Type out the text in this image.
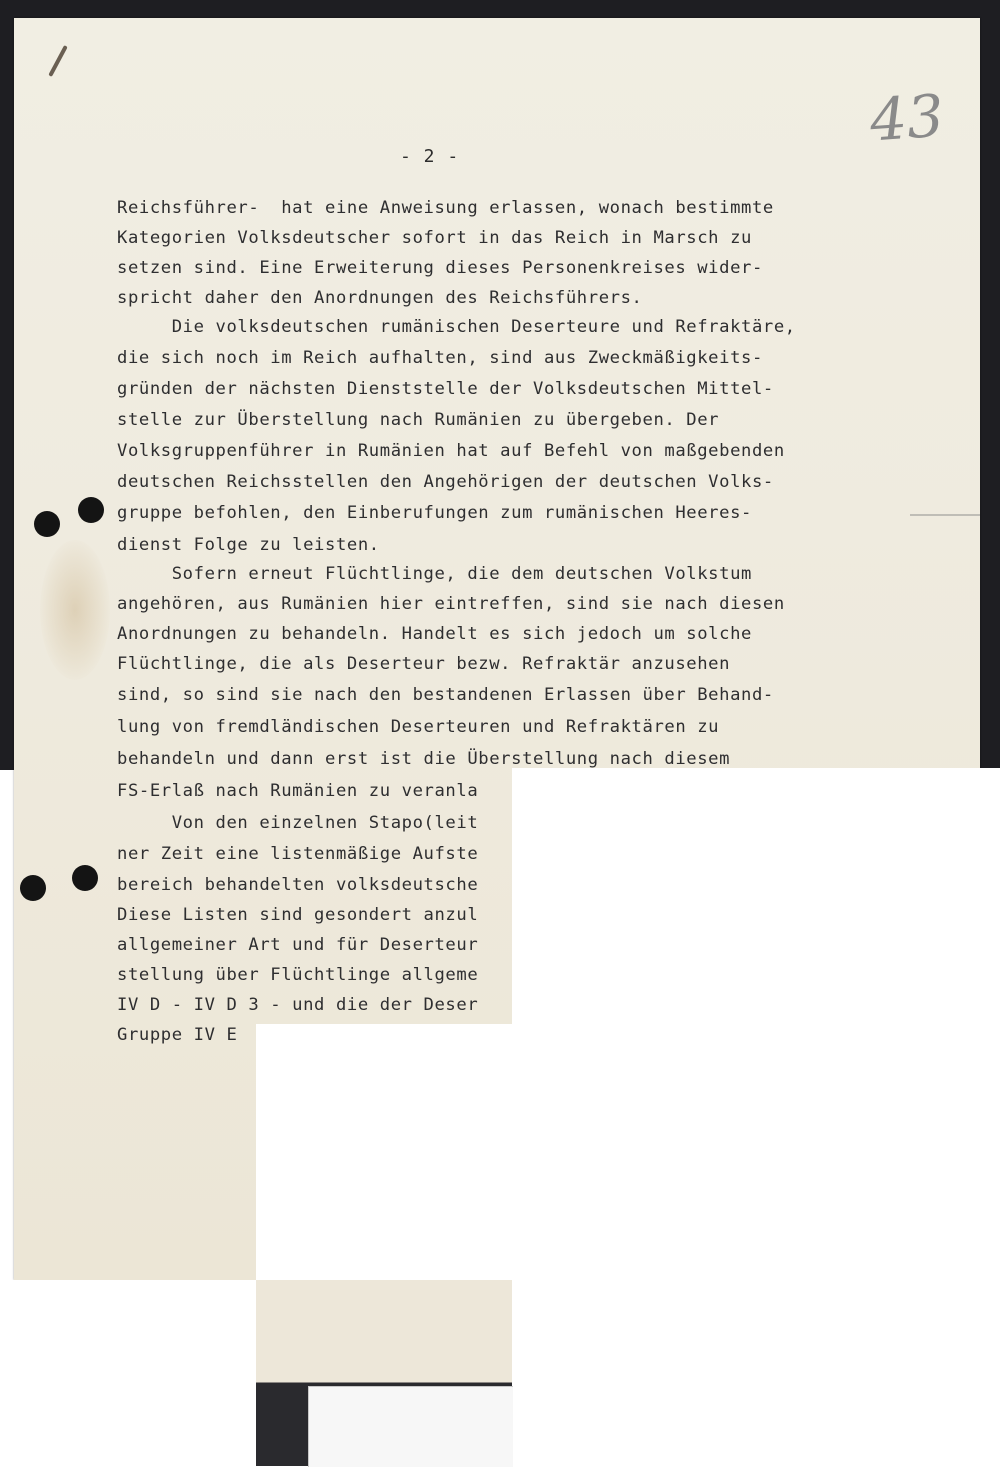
43
- 2 -
Reichsführer-  hat eine Anweisung erlassen, wonach bestimmte
Kategorien Volksdeutscher sofort in das Reich in Marsch zu
setzen sind. Eine Erweiterung dieses Personenkreises wider-
spricht daher den Anordnungen des Reichsführers.
Die volksdeutschen rumänischen Deserteure und Refraktäre,
die sich noch im Reich aufhalten, sind aus Zweckmäßigkeits-
gründen der nächsten Dienststelle der Volksdeutschen Mittel-
stelle zur Überstellung nach Rumänien zu übergeben. Der
Volksgruppenführer in Rumänien hat auf Befehl von maßgebenden
deutschen Reichsstellen den Angehörigen der deutschen Volks-
gruppe befohlen, den Einberufungen zum rumänischen Heeres-
dienst Folge zu leisten.
Sofern erneut Flüchtlinge, die dem deutschen Volkstum
angehören, aus Rumänien hier eintreffen, sind sie nach diesen
Anordnungen zu behandeln. Handelt es sich jedoch um solche
Flüchtlinge, die als Deserteur bezw. Refraktär anzusehen
sind, so sind sie nach den bestandenen Erlassen über Behand-
lung von fremdländischen Deserteuren und Refraktären zu
behandeln und dann erst ist die Überstellung nach diesem
FS-Erlaß nach Rumänien zu veranla
Von den einzelnen Stapo(leit
ner Zeit eine listenmäßige Aufste
bereich behandelten volksdeutsche
Diese Listen sind gesondert anzul
allgemeiner Art und für Deserteur
stellung über Flüchtlinge allgeme
IV D - IV D 3 - und die der Deser
Gruppe IV E
